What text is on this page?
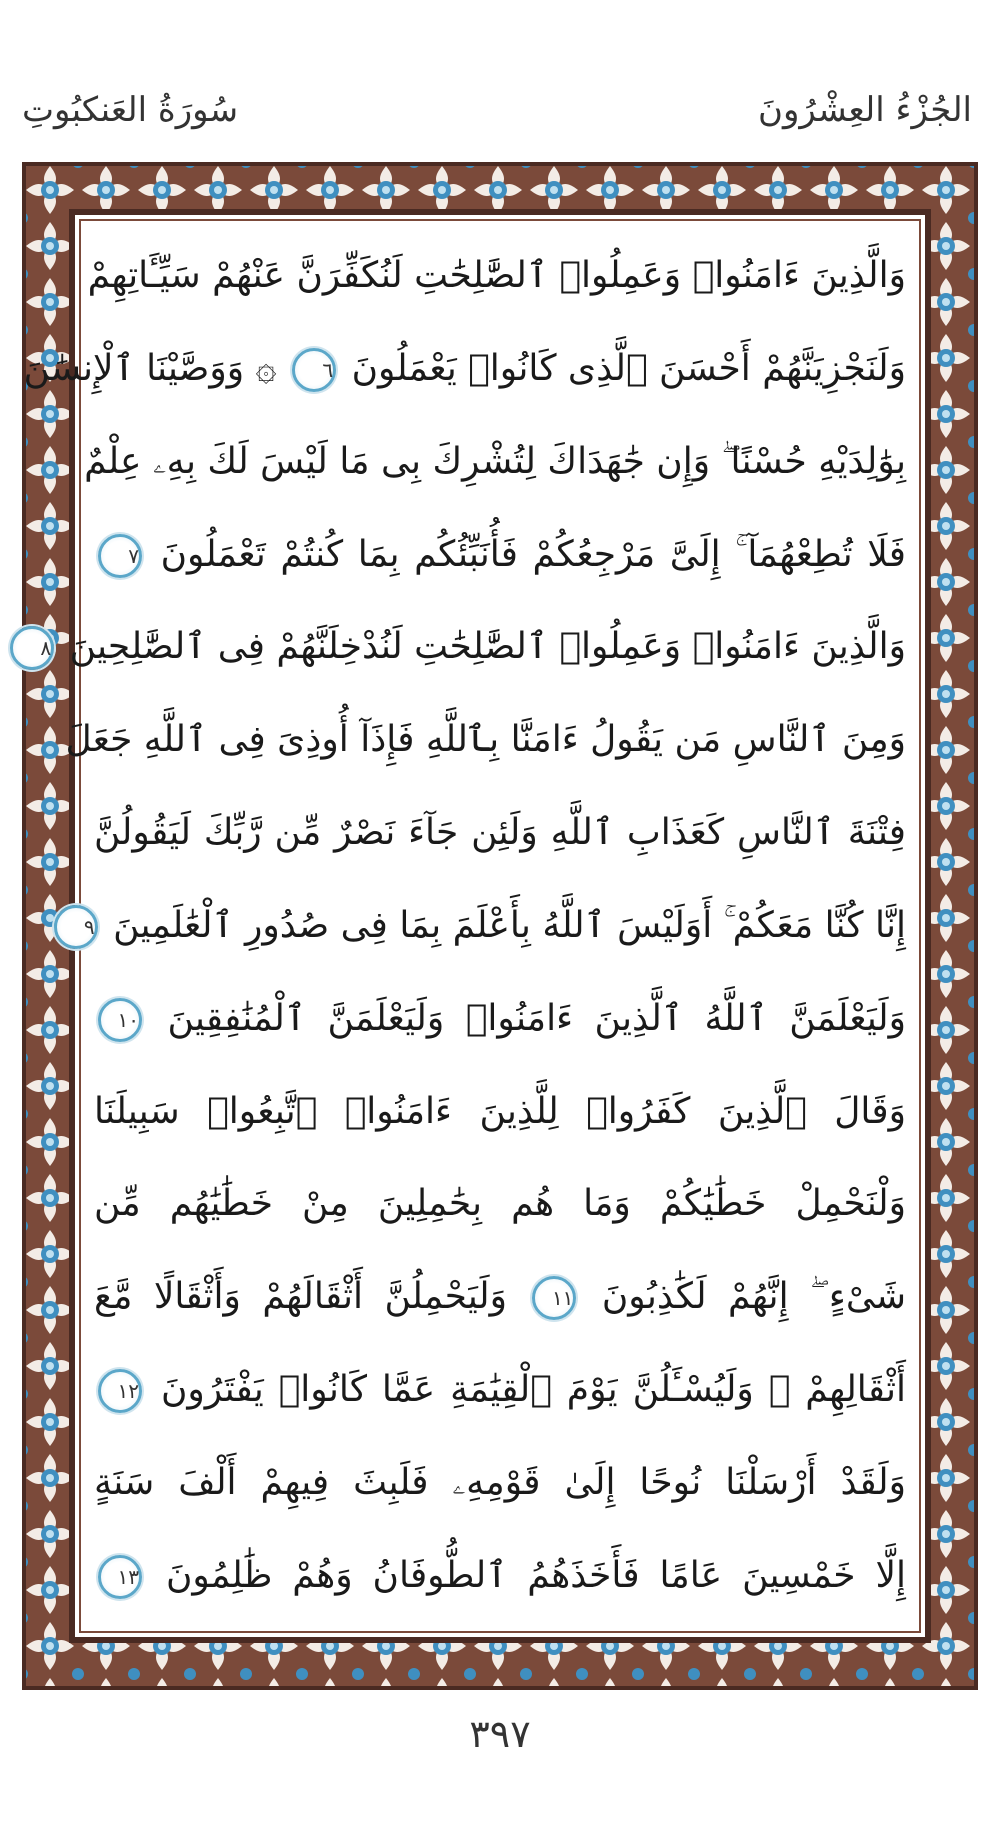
سُورَةُ العَنكبُوتِ	الجُزْءُ العِشْرُونَ
وَالَّذِينَ ءَامَنُوا۟ وَعَمِلُوا۟ ٱلصَّٰلِحَٰتِ لَنُكَفِّرَنَّ عَنْهُمْ سَيِّـَٔاتِهِمْ
وَلَنَجْزِيَنَّهُمْ أَحْسَنَ ٱلَّذِى كَانُوا۟ يَعْمَلُونَ ٦ ۞ وَوَصَّيْنَا ٱلْإِنسَٰنَ
بِوَٰلِدَيْهِ حُسْنًا ۖ وَإِن جَٰهَدَاكَ لِتُشْرِكَ بِى مَا لَيْسَ لَكَ بِهِۦ عِلْمٌ
فَلَا تُطِعْهُمَآ ۚ إِلَىَّ مَرْجِعُكُمْ فَأُنَبِّئُكُم بِمَا كُنتُمْ تَعْمَلُونَ ٧
وَالَّذِينَ ءَامَنُوا۟ وَعَمِلُوا۟ ٱلصَّٰلِحَٰتِ لَنُدْخِلَنَّهُمْ فِى ٱلصَّٰلِحِينَ ٨
وَمِنَ ٱلنَّاسِ مَن يَقُولُ ءَامَنَّا بِٱللَّهِ فَإِذَآ أُوذِىَ فِى ٱللَّهِ جَعَلَ
فِتْنَةَ ٱلنَّاسِ كَعَذَابِ ٱللَّهِ وَلَئِن جَآءَ نَصْرٌ مِّن رَّبِّكَ لَيَقُولُنَّ
إِنَّا كُنَّا مَعَكُمْ ۚ أَوَلَيْسَ ٱللَّهُ بِأَعْلَمَ بِمَا فِى صُدُورِ ٱلْعَٰلَمِينَ ٩
وَلَيَعْلَمَنَّ ٱللَّهُ ٱلَّذِينَ ءَامَنُوا۟ وَلَيَعْلَمَنَّ ٱلْمُنَٰفِقِينَ ١٠
وَقَالَ ٱلَّذِينَ كَفَرُوا۟ لِلَّذِينَ ءَامَنُوا۟ ٱتَّبِعُوا۟ سَبِيلَنَا
وَلْنَحْمِلْ خَطَٰيَٰكُمْ وَمَا هُم بِحَٰمِلِينَ مِنْ خَطَٰيَٰهُم مِّن
شَىْءٍ ۖ إِنَّهُمْ لَكَٰذِبُونَ ١١ وَلَيَحْمِلُنَّ أَثْقَالَهُمْ وَأَثْقَالًا مَّعَ
أَثْقَالِهِمْ ۖ وَلَيُسْـَٔلُنَّ يَوْمَ ٱلْقِيَٰمَةِ عَمَّا كَانُوا۟ يَفْتَرُونَ ١٢
وَلَقَدْ أَرْسَلْنَا نُوحًا إِلَىٰ قَوْمِهِۦ فَلَبِثَ فِيهِمْ أَلْفَ سَنَةٍ
إِلَّا خَمْسِينَ عَامًا فَأَخَذَهُمُ ٱلطُّوفَانُ وَهُمْ ظَٰلِمُونَ ١٣
٣٩٧
